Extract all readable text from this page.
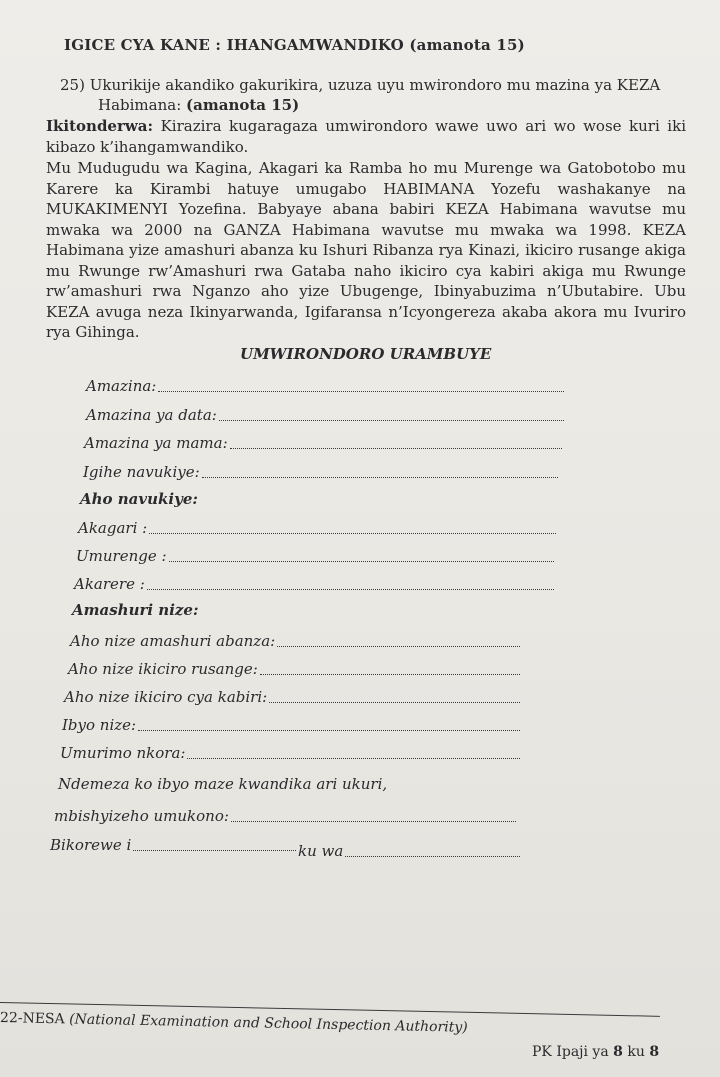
IGICE CYA KANE : IHANGAMWANDIKO (amanota 15)
25) Ukurikije akandiko gakurikira, uzuza uyu mwirondoro mu mazina ya KEZA
Habimana: (amanota 15)
Ikitonderwa: Kirazira kugaragaza umwirondoro wawe uwo ari wo wose kuri iki kibazo k’ihangamwandiko.
Mu Mudugudu wa Kagina, Akagari ka Ramba ho mu Murenge wa Gatobotobo mu Karere ka Kirambi hatuye umugabo HABIMANA Yozefu washakanye na MUKAKIMENYI Yozefina. Babyaye abana babiri KEZA Habimana wavutse mu mwaka wa 2000 na GANZA Habimana wavutse mu mwaka wa 1998. KEZA Habimana yize amashuri abanza ku Ishuri Ribanza rya Kinazi, ikiciro rusange akiga mu Rwunge rw’Amashuri rwa Gataba naho ikiciro cya kabiri akiga mu Rwunge rw’amashuri rwa Nganzo aho yize Ubugenge, Ibinyabuzima n’Ubutabire. Ubu KEZA avuga neza Ikinyarwanda, Igifaransa n’Icyongereza akaba akora mu Ivuriro rya Gihinga.
UMWIRONDORO URAMBUYE
Amazina:
Amazina ya data:
Amazina ya mama:
Igihe navukiye:
Aho navukiye:
Akagari :
Umurenge :
Akarere :
Amashuri nize:
Aho nize amashuri abanza:
Aho nize ikiciro rusange:
Aho nize ikiciro cya kabiri:
Ibyo nize:
Umurimo nkora:
Ndemeza ko ibyo maze kwandika ari ukuri,
mbishyizeho umukono:
Bikorewe i	ku wa
22-NESA (National Examination and School Inspection Authority)
PK Ipaji ya 8 ku 8
